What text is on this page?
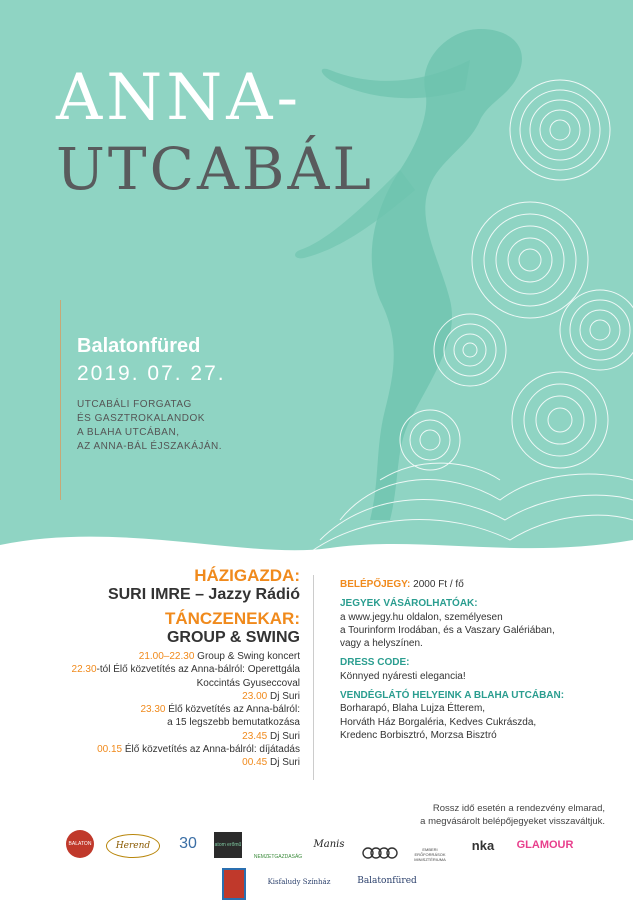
ANNA-
UTCABÁL
Balatonfüred
2019. 07. 27.
UTCABÁLI FORGATAG
ÉS GASZTROKALANDOK
A BLAHA UTCÁBAN,
AZ ANNA-BÁL ÉJSZAKÁJÁN.
HÁZIGAZDA:
SURI IMRE – Jazzy Rádió
TÁNCZENEKAR:
GROUP & SWING
21.00–22.30 Group & Swing koncert
22.30-tól Élő közvetítés az Anna-bálról: Operettgála
Koccintás Gyuseccoval
23.00 Dj Suri
23.30 Élő közvetítés az Anna-bálról:
a 15 legszebb bemutatkozása
23.45 Dj Suri
00.15 Élő közvetítés az Anna-bálról: díjátadás
00.45 Dj Suri
BELÉPŐJEGY: 2000 Ft / fő
JEGYEK VÁSÁROLHATÓAK:
a www.jegy.hu oldalon, személyesen
a Tourinform Irodában, és a Vaszary Galériában,
vagy a helyszínen.
DRESS CODE:
Könnyed nyáresti elegancia!
VENDÉGLÁTÓ HELYEINK A BLAHA UTCÁBAN:
Borharapó, Blaha Lujza Étterem,
Horváth Ház Borgaléria, Kedves Cukrászda,
Kredenc Borbisztró, Morzsa Bisztró
Rossz idő esetén a rendezvény elmarad,
a megvásárolt belépőjegyeket visszaváltjuk.
BALATON	Herend	30	atom erőmű
NEMZETGAZDASÁG
Manis	EMBERI ERŐFORRÁSOK MINISZTÉRIUMA
nka	GLAMOUR
Kisfaludy Színház	Balatonfüred
